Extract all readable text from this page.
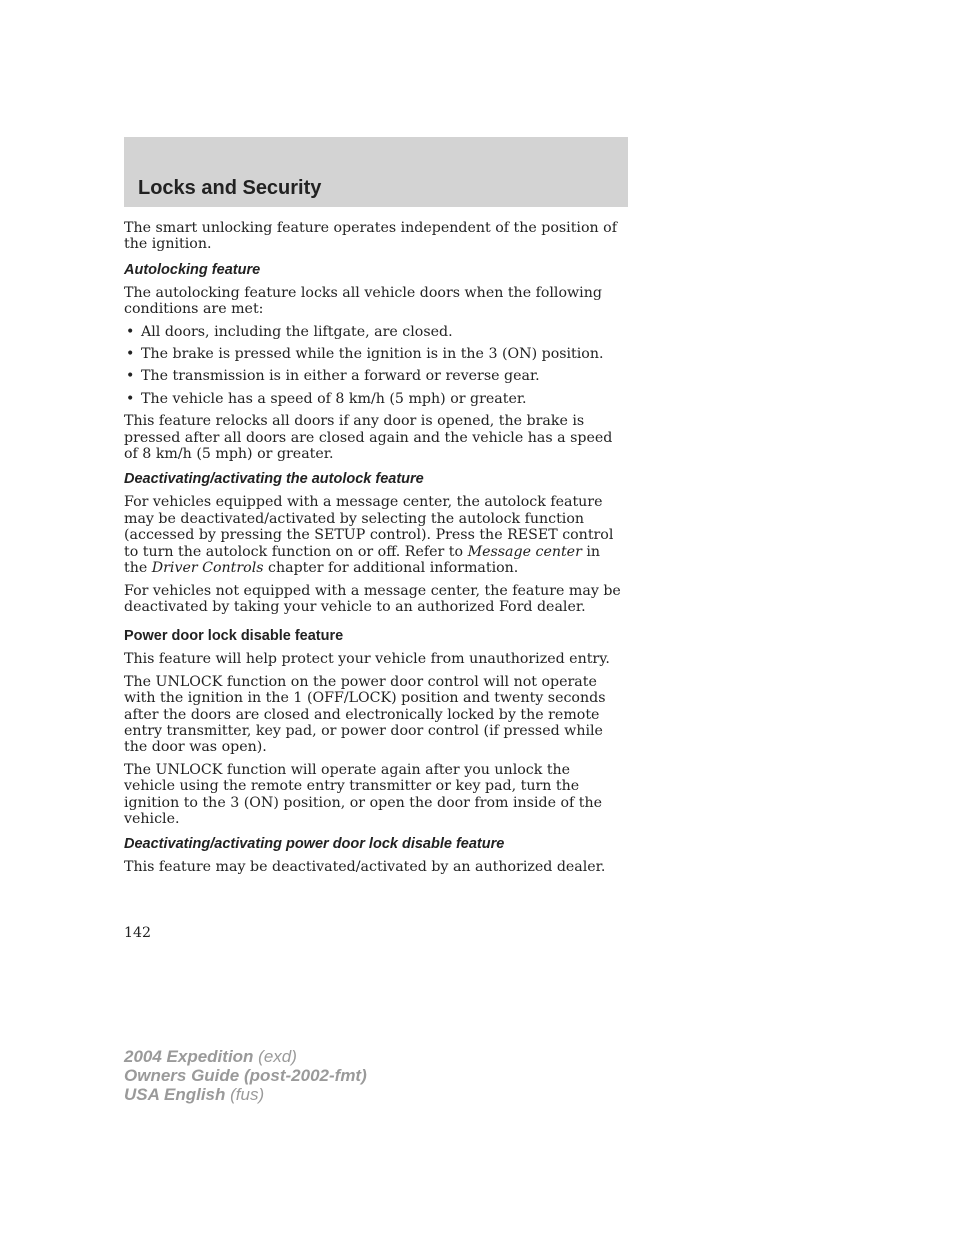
Locks and Security

The smart unlocking feature operates independent of the position of the ignition.

Autolocking feature

The autolocking feature locks all vehicle doors when the following conditions are met:

• All doors, including the liftgate, are closed.
• The brake is pressed while the ignition is in the 3 (ON) position.
• The transmission is in either a forward or reverse gear.
• The vehicle has a speed of 8 km/h (5 mph) or greater.

This feature relocks all doors if any door is opened, the brake is pressed after all doors are closed again and the vehicle has a speed of 8 km/h (5 mph) or greater.

Deactivating/activating the autolock feature

For vehicles equipped with a message center, the autolock feature may be deactivated/activated by selecting the autolock function (accessed by pressing the SETUP control). Press the RESET control to turn the autolock function on or off. Refer to Message center in the Driver Controls chapter for additional information.

For vehicles not equipped with a message center, the feature may be deactivated by taking your vehicle to an authorized Ford dealer.

Power door lock disable feature

This feature will help protect your vehicle from unauthorized entry.

The UNLOCK function on the power door control will not operate with the ignition in the 1 (OFF/LOCK) position and twenty seconds after the doors are closed and electronically locked by the remote entry transmitter, key pad, or power door control (if pressed while the door was open).

The UNLOCK function will operate again after you unlock the vehicle using the remote entry transmitter or key pad, turn the ignition to the 3 (ON) position, or open the door from inside of the vehicle.

Deactivating/activating power door lock disable feature

This feature may be deactivated/activated by an authorized dealer.

142
2004 Expedition (exd)
Owners Guide (post-2002-fmt)
USA English (fus)
